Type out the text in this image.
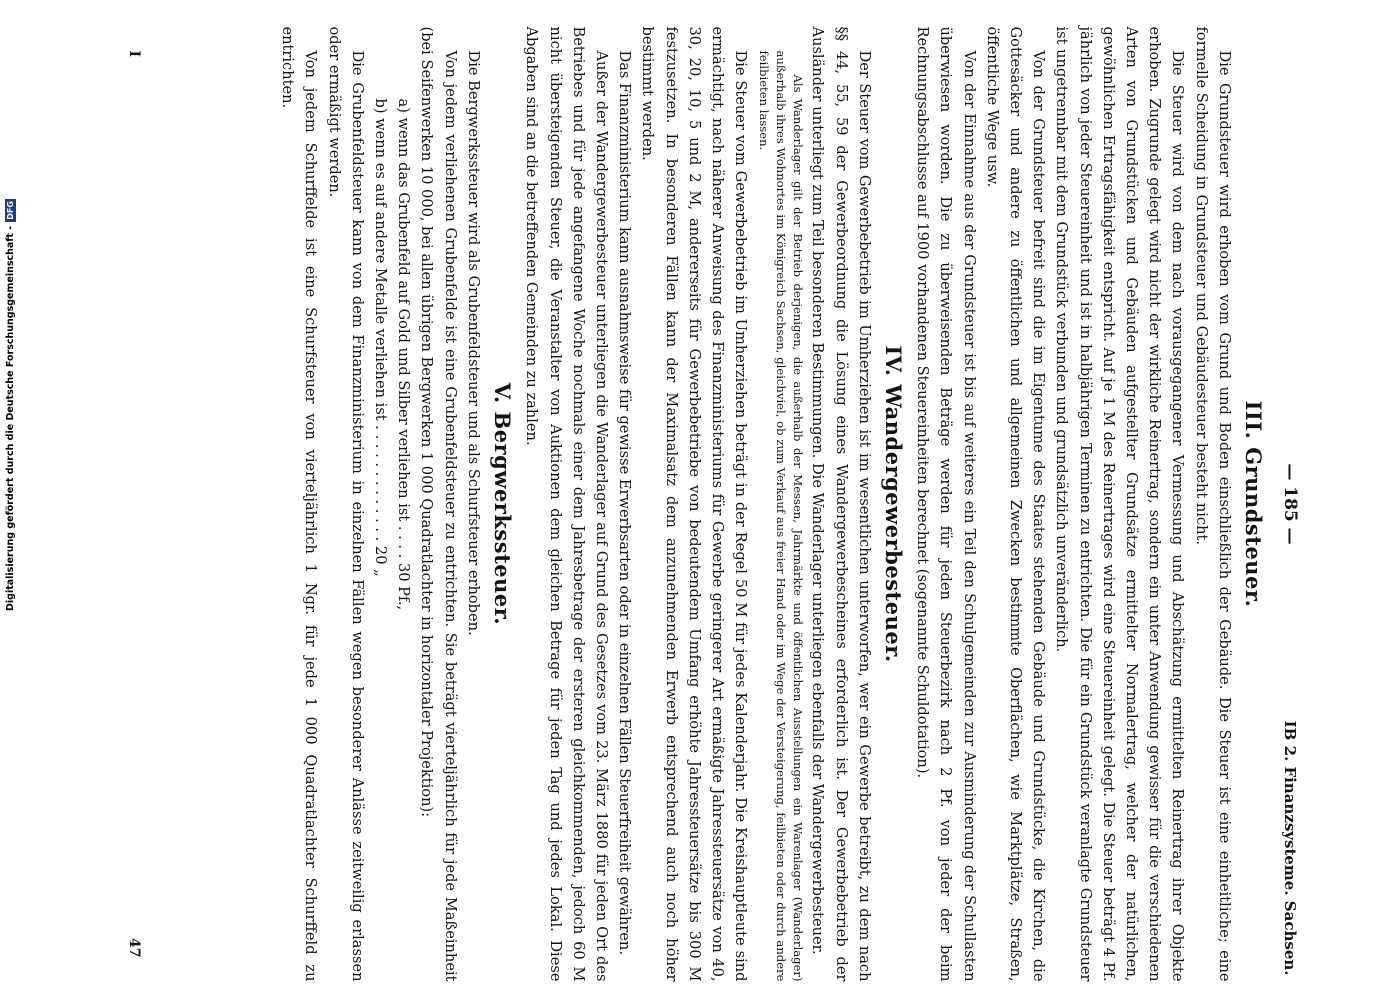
— 185 —
IB 2. Finanzsysteme. Sachsen.
III. Grundsteuer.

Die Grundsteuer wird erhoben vom Grund und Boden einschließlich der Gebäude. Die Steuer ist eine einheitliche; eine formelle Scheidung in Grundsteuer und Gebäudesteuer besteht nicht.

Die Steuer wird von dem nach vorausgegangener Vermessung und Abschätzung ermittelten Reinertrag ihrer Objekte erhoben. Zugrunde gelegt wird nicht der wirkliche Reinertrag, sondern ein unter Anwendung gewisser für die verschiedenen Arten von Grundstücken und Gebäuden aufgestellter Grundsätze ermittelter Normalertrag, welcher der natürlichen, gewöhnlichen Ertragsfähigkeit entspricht. Auf je 1 M des Reinertrages wird eine Steuereinheit gelegt. Die Steuer beträgt 4 Pf. jährlich von jeder Steuereinheit und ist in halbjährigen Terminen zu entrichten. Die für ein Grundstück veranlagte Grundsteuer ist ungetrennbar mit dem Grundstück verbunden und grundsätzlich unveränderlich.

Von der Grundsteuer befreit sind die im Eigentume des Staates stehenden Gebäude und Grundstücke, die Kirchen, die Gottesäcker und andere zu öffentlichen und allgemeinen Zwecken bestimmte Oberflächen, wie Marktplätze, Straßen, öffentliche Wege usw.

Von der Einnahme aus der Grundsteuer ist bis auf weiteres ein Teil den Schulgemeinden zur Ausminderung der Schullasten überwiesen worden. Die zu überweisenden Beträge werden für jeden Steuerbezirk nach 2 Pf. von jeder der beim Rechnungsabschlusse auf 1900 vorhandenen Steuereinheiten berechnet (sogenannte Schuldotation).

IV. Wandergewerbesteuer.

Der Steuer vom Gewerbebetrieb im Umherziehen ist im wesentlichen unterworfen, wer ein Gewerbe betreibt, zu dem nach §§ 44, 55, 59 der Gewerbeordnung die Lösung eines Wandergewerbescheines erforderlich ist. Der Gewerbebetrieb der Ausländer unterliegt zum Teil besonderen Bestimmungen. Die Wanderlager unterliegen ebenfalls der Wandergewerbesteuer.

Als Wanderlager gilt der Betrieb derjenigen, die außerhalb der Messen, Jahrmärkte und öffentlichen Ausstellungen ein Warenlager (Wanderlager) außerhalb ihres Wohnortes im Königreich Sachsen, gleichviel, ob zum Verkauf aus freier Hand oder im Wege der Versteigerung, feilbieten oder durch andere feilbieten lassen.

Die Steuer vom Gewerbebetrieb im Umherziehen beträgt in der Regel 50 M für jedes Kalenderjahr. Die Kreishauptleute sind ermächtigt, nach näherer Anweisung des Finanzministeriums für Gewerbe geringerer Art ermäßigte Jahressteuersätze von 40, 30, 20, 10, 5 und 2 M, andererseits für Gewerbebetriebe von bedeutendem Umfang erhöhte Jahressteuersätze bis 300 M festzusetzen. In besonderen Fällen kann der Maximalsatz dem anzunehmenden Erwerb entsprechend auch noch höher bestimmt werden.

Das Finanzministerium kann ausnahmsweise für gewisse Erwerbsarten oder in einzelnen Fällen Steuerfreiheit gewähren.

Außer der Wandergewerbesteuer unterliegen die Wanderlager auf Grund des Gesetzes vom 23. März 1880 für jeden Ort des Betriebes und für jede angefangene Woche nochmals einer dem Jahresbetrage der ersteren gleichkommenden, jedoch 60 M nicht übersteigenden Steuer, die Veranstalter von Auktionen dem gleichen Betrage für jeden Tag und jedes Lokal. Diese Abgaben sind an die betreffenden Gemeinden zu zahlen.

V. Bergwerkssteuer.

Die Bergwerkssteuer wird als Grubenfeldsteuer und als Schurfsteuer erhoben.

Von jedem verliehenen Grubenfelde ist eine Grubenfeldsteuer zu entrichten. Sie beträgt vierteljährlich für jede Maßeinheit (bei Seifenwerken 10 000, bei allen übrigen Bergwerken 1 000 Quadratlachter in horizontaler Projektion):

a) wenn das Grubenfeld auf Gold und Silber verliehen ist . . . . 30 Pf.,

b) wenn es auf andere Metalle verliehen ist . . . . . . . . . . . . . 20 „

Die Grubenfeldsteuer kann von dem Finanzministerium in einzelnen Fällen wegen besonderer Anlässe zeitweilig erlassen oder ermäßigt werden.

Von jedem Schurffelde ist eine Schurfsteuer von vierteljährlich 1 Ngr. für jede 1 000 Quadratlachter Schurffeld zu entrichten.

I
47
Digitalisierung gefördert durch die Deutsche Forschungsgemeinschaft -
DFG
